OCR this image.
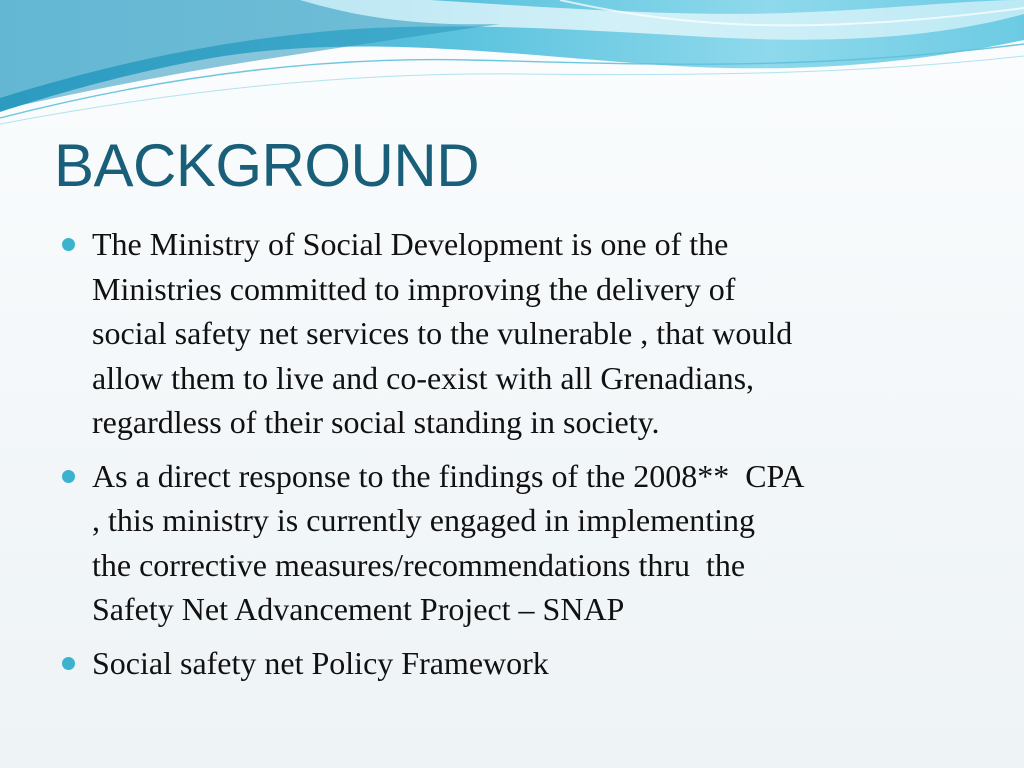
BACKGROUND
The Ministry of Social Development is one of the
Ministries committed to improving the delivery of
social safety net services to the vulnerable , that would
allow them to live and co-exist with all Grenadians,
regardless of their social standing in society.
As a direct response to the findings of the 2008**  CPA
, this ministry is currently engaged in implementing
the corrective measures/recommendations thru  the
Safety Net Advancement Project – SNAP
Social safety net Policy Framework
